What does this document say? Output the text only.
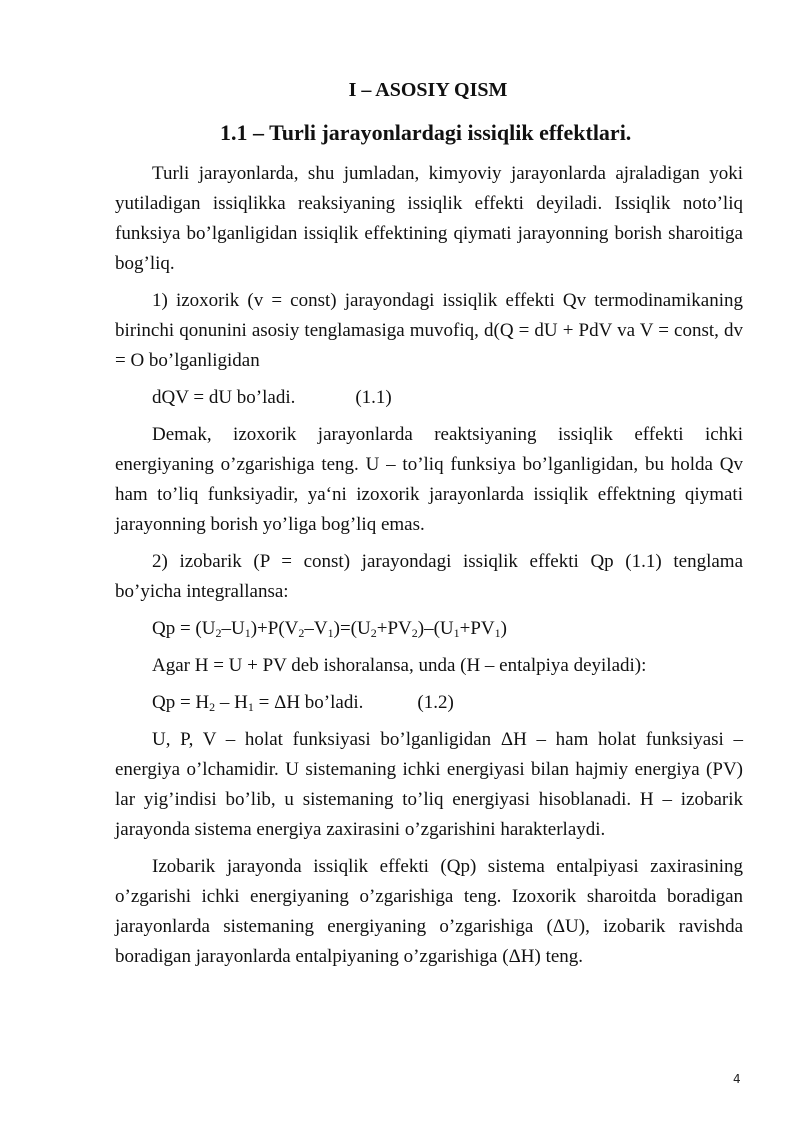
I – ASOSIY QISM
1.1 – Turli jarayonlardagi issiqlik effektlari.

Turli jarayonlarda, shu jumladan, kimyoviy jarayonlarda ajraladigan yoki yutiladigan issiqlikka reaksiyaning issiqlik effekti deyiladi. Issiqlik noto’liq funksiya bo’lganligidan issiqlik effektining qiymati jarayonning borish sharoitiga bog’liq.

1) izoxorik (v = const) jarayondagi issiqlik effekti Qv termodinamikaning birinchi qonunini asosiy tenglamasiga muvofiq, d(Q = dU + PdV va V = const, dv = O bo’lganligidan

dQV = dU bo’ladi.	(1.1)

Demak, izoxorik jarayonlarda reaktsiyaning issiqlik effekti ichki energiyaning o’zgarishiga teng. U – to’liq funksiya bo’lganligidan, bu holda Qv ham to’liq funksiyadir, ya‘ni izoxorik jarayonlarda issiqlik effektning qiymati jarayonning borish yo’liga bog’liq emas.

2) izobarik (P = const) jarayondagi issiqlik effekti Qp (1.1) tenglama bo’yicha integrallansa:

$Qp = (U_2-U_1)+P(V_2-V_1)=(U_2+PV_2)-(U_1+PV_1)$
Agar H = U + PV deb ishoralansa, unda (H – entalpiya deyiladi):
$Qp = H_2 - H_1 = \Delta H$ bo’ladi.	(1.2)

U, P, V – holat funksiyasi bo’lganligidan ΔH – ham holat funksiyasi – energiya o’lchamidir. U sistemaning ichki energiyasi bilan hajmiy energiya (PV) lar yig’indisi bo’lib, u sistemaning to’liq energiyasi hisoblanadi. H – izobarik jarayonda sistema energiya zaxirasini o’zgarishini harakterlaydi.

Izobarik jarayonda issiqlik effekti (Qp) sistema entalpiyasi zaxirasining o’zgarishi ichki energiyaning o’zgarishiga teng. Izoxorik sharoitda boradigan jarayonlarda sistemaning energiyaning o’zgarishiga (ΔU), izobarik ravishda boradigan jarayonlarda entalpiyaning o’zgarishiga (ΔH) teng.

4
